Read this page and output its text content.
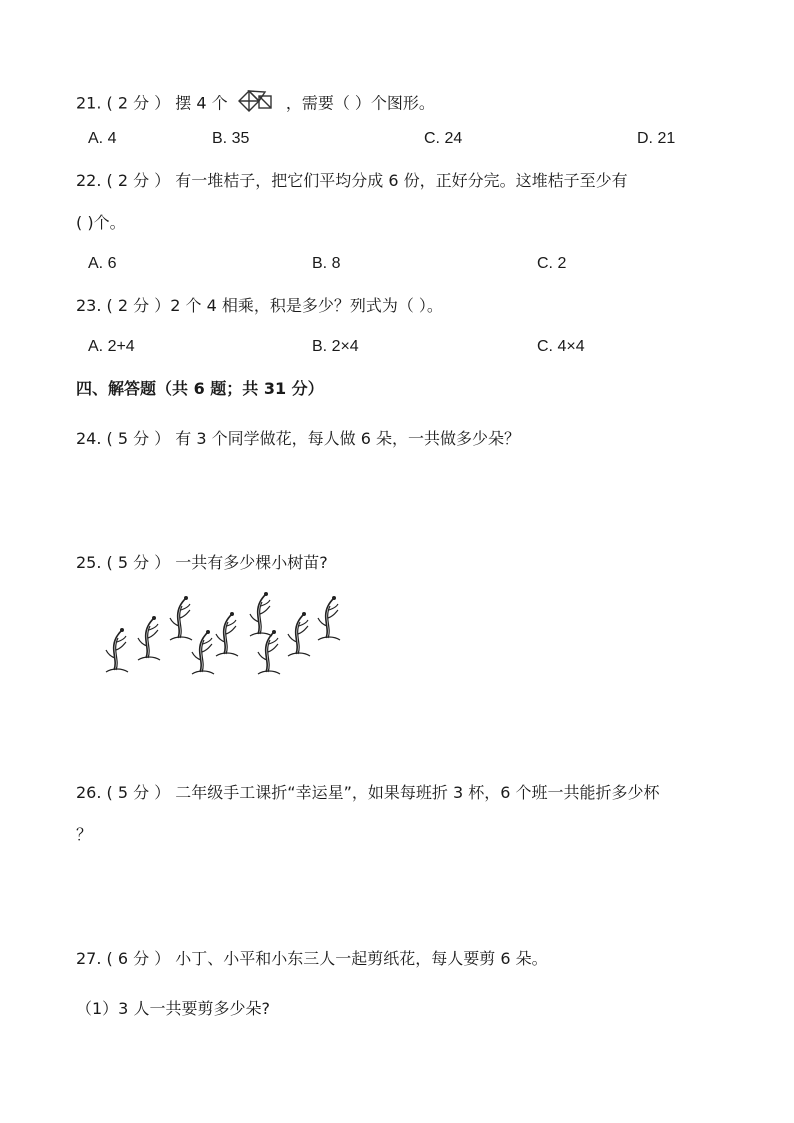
21. ( 2 分 ） 摆 4 个	，需要（ ）个图形。
A. 4	B. 35	C. 24	D. 21
22. ( 2 分 ） 有一堆桔子，把它们平均分成 6 份，正好分完。这堆桔子至少有
( )个。
A. 6	B. 8	C. 2
23. ( 2 分 ）2 个 4 相乘，积是多少？列式为（ ）。
A. 2+4	B. 2×4	C. 4×4
四、解答题（共 6 题；共 31 分）
24. ( 5 分 ） 有 3 个同学做花，每人做 6 朵，一共做多少朵？
25. ( 5 分 ） 一共有多少棵小树苗?
26. ( 5 分 ） 二年级手工课折“幸运星”，如果每班折 3 杯，6 个班一共能折多少杯
？
27. ( 6 分 ） 小丁、小平和小东三人一起剪纸花，每人要剪 6 朵。
（1）3 人一共要剪多少朵?
